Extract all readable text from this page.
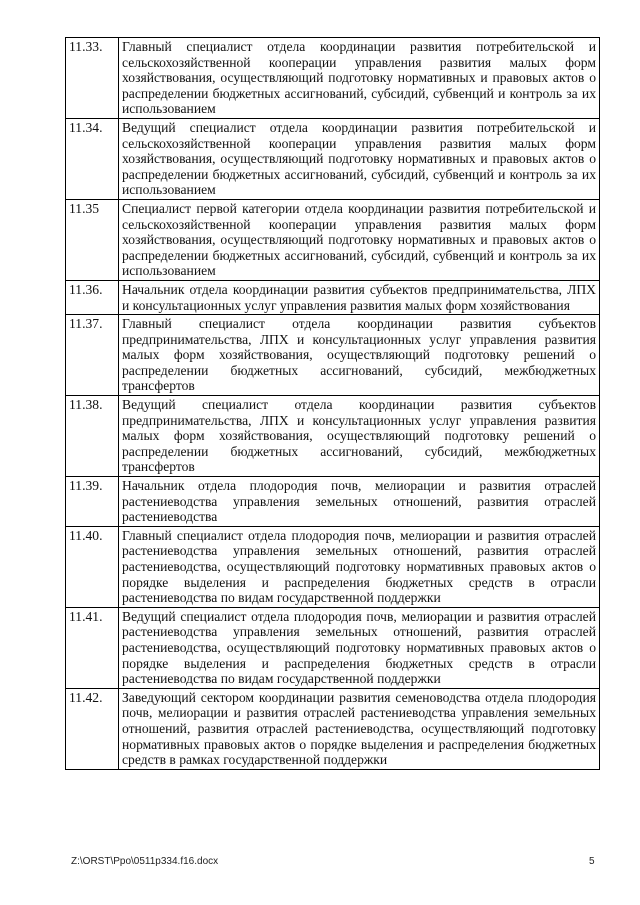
11.33.	Главный специалист отдела координации развития потребительской и сельскохозяйственной кооперации управления развития малых форм хозяйствования, осуществляющий подготовку нормативных и правовых актов о распределении бюджетных ассигнований, субсидий, субвенций и контроль за их использованием
11.34.	Ведущий специалист отдела координации развития потребительской и сельскохозяйственной кооперации управления развития малых форм хозяйствования, осуществляющий подготовку нормативных и правовых актов о распределении бюджетных ассигнований, субсидий, субвенций и контроль за их использованием
11.35	Специалист первой категории отдела координации развития потребительской и сельскохозяйственной кооперации управления развития малых форм хозяйствования, осуществляющий подготовку нормативных и правовых актов о распределении бюджетных ассигнований, субсидий, субвенций и контроль за их использованием
11.36.	Начальник отдела координации развития субъектов предпринимательства, ЛПХ и консультационных услуг управления развития малых форм хозяйствования
11.37.	Главный специалист отдела координации развития субъектов предпринимательства, ЛПХ и консультационных услуг управления развития малых форм хозяйствования, осуществляющий подготовку решений о распределении бюджетных ассигнований, субсидий, межбюджетных трансфертов
11.38.	Ведущий специалист отдела координации развития субъектов предпринимательства, ЛПХ и консультационных услуг управления развития малых форм хозяйствования, осуществляющий подготовку решений о распределении бюджетных ассигнований, субсидий, межбюджетных трансфертов
11.39.	Начальник отдела плодородия почв, мелиорации и развития отраслей растениеводства управления земельных отношений, развития отраслей растениеводства
11.40.	Главный специалист отдела плодородия почв, мелиорации и развития отраслей растениеводства управления земельных отношений, развития отраслей растениеводства, осуществляющий подготовку нормативных правовых актов о порядке выделения и распределения бюджетных средств в отрасли растениеводства по видам государственной поддержки
11.41.	Ведущий специалист отдела плодородия почв, мелиорации и развития отраслей растениеводства управления земельных отношений, развития отраслей растениеводства, осуществляющий подготовку нормативных правовых актов о порядке выделения и распределения бюджетных средств в отрасли растениеводства по видам государственной поддержки
11.42.	Заведующий сектором координации развития семеноводства отдела плодородия почв, мелиорации и развития отраслей растениеводства управления земельных отношений, развития отраслей растениеводства, осуществляющий подготовку нормативных правовых актов о порядке выделения и распределения бюджетных средств в рамках государственной поддержки
Z:\ORST\Ppo\0511p334.f16.docx	5
